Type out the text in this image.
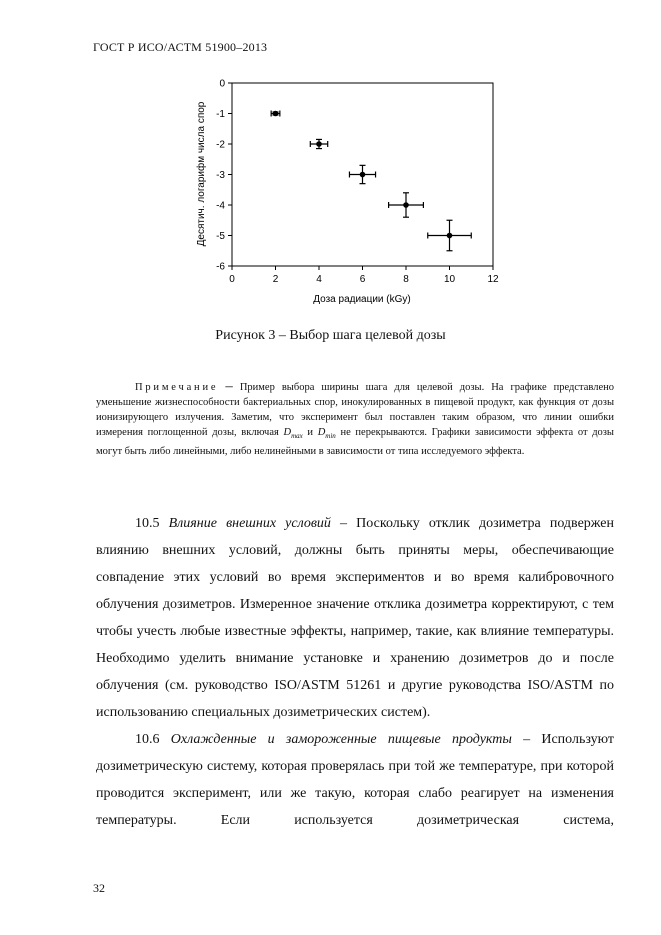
ГОСТ Р ИСО/АСТМ 51900–2013
0	2	4	6	8	10	12
0
-1
-2
-3
-4
-5
-6
Доза радиации (kGy)
Десятич. логарифм числа спор
Рисунок 3 – Выбор шага целевой дозы
Примечание ─ Пример выбора ширины шага для целевой дозы. На графике представлено уменьшение жизнеспособности бактериальных спор, инокулированных в пищевой продукт, как функция от дозы ионизирующего излучения. Заметим, что эксперимент был поставлен таким образом, что линии ошибки измерения поглощенной дозы, включая $D_{max}$ и $D_{min}$ не перекрываются. Графики зависимости эффекта от дозы могут быть либо линейными, либо нелинейными в зависимости от типа исследуемого эффекта.

10.5 Влияние внешних условий – Поскольку отклик дозиметра подвержен влиянию внешних условий, должны быть приняты меры, обеспечивающие совпадение этих условий во время экспериментов и во время калибровочного облучения дозиметров. Измеренное значение отклика дозиметра корректируют, с тем чтобы учесть любые известные эффекты, например, такие, как влияние температуры. Необходимо уделить внимание установке и хранению дозиметров до и после облучения (см. руководство ISO/ASTM 51261 и другие руководства ISO/ASTM по использованию специальных дозиметрических систем).

10.6 Охлажденные и замороженные пищевые продукты – Используют дозиметрическую систему, которая проверялась при той же температуре, при которой проводится эксперимент, или же такую, которая слабо реагирует на изменения температуры. Если используется дозиметрическая система,

32
